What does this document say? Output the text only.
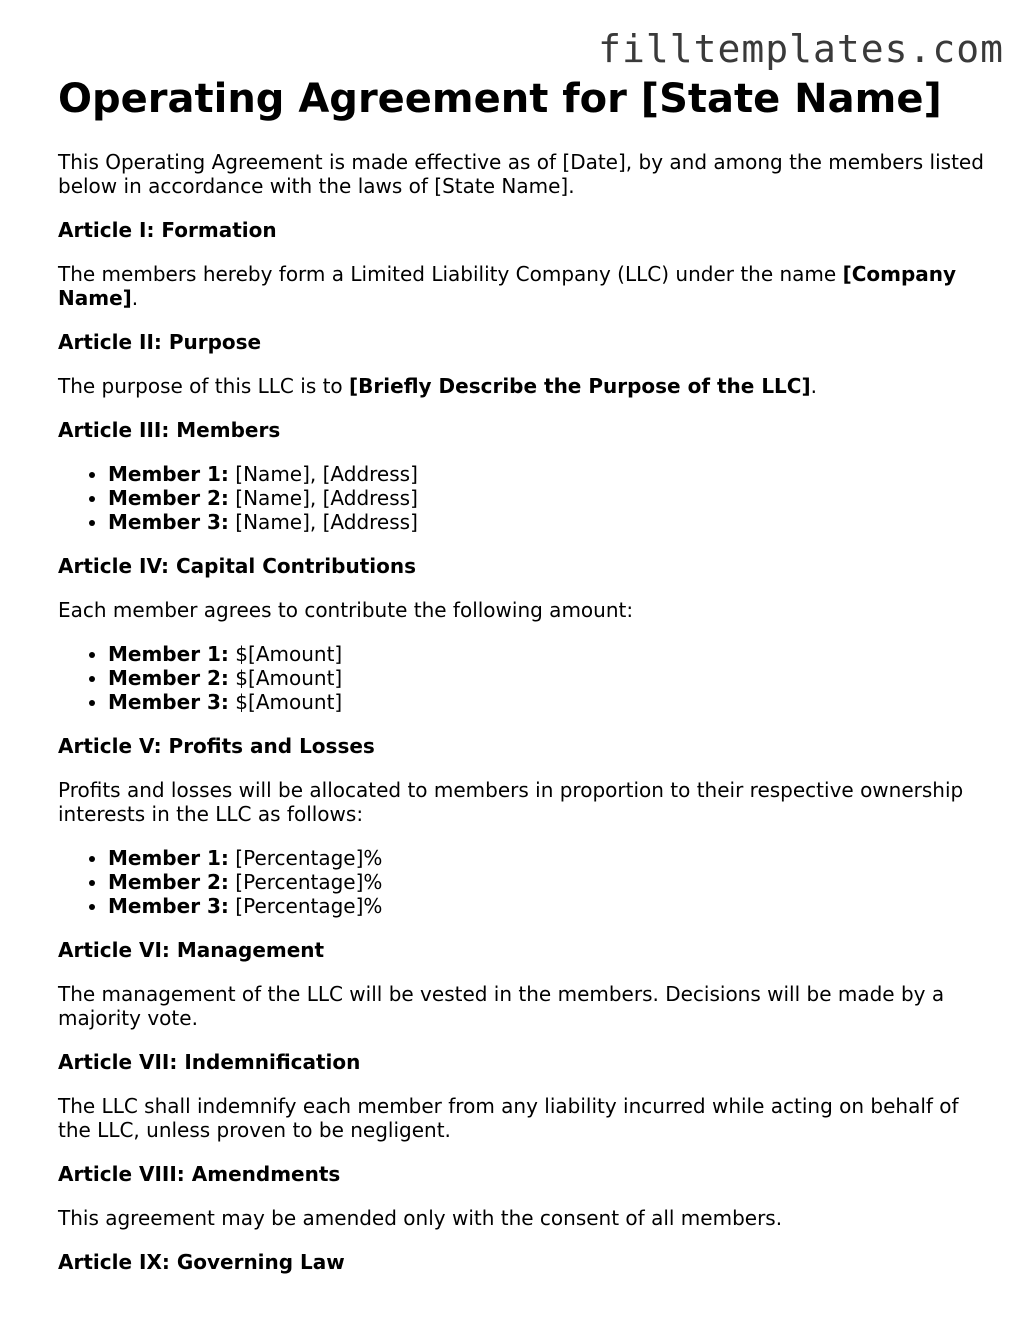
filltemplates.com
Operating Agreement for [State Name]

This Operating Agreement is made effective as of [Date], by and among the members listed below in accordance with the laws of [State Name].

Article I: Formation

The members hereby form a Limited Liability Company (LLC) under the name [Company Name].

Article II: Purpose

The purpose of this LLC is to [Briefly Describe the Purpose of the LLC].

Article III: Members
• Member 1: [Name], [Address]
• Member 2: [Name], [Address]
• Member 3: [Name], [Address]
Article IV: Capital Contributions

Each member agrees to contribute the following amount:

• Member 1: $[Amount]
• Member 2: $[Amount]
• Member 3: $[Amount]
Article V: Profits and Losses

Profits and losses will be allocated to members in proportion to their respective ownership interests in the LLC as follows:

• Member 1: [Percentage]%
• Member 2: [Percentage]%
• Member 3: [Percentage]%
Article VI: Management

The management of the LLC will be vested in the members. Decisions will be made by a majority vote.

Article VII: Indemnification

The LLC shall indemnify each member from any liability incurred while acting on behalf of the LLC, unless proven to be negligent.

Article VIII: Amendments

This agreement may be amended only with the consent of all members.

Article IX: Governing Law
